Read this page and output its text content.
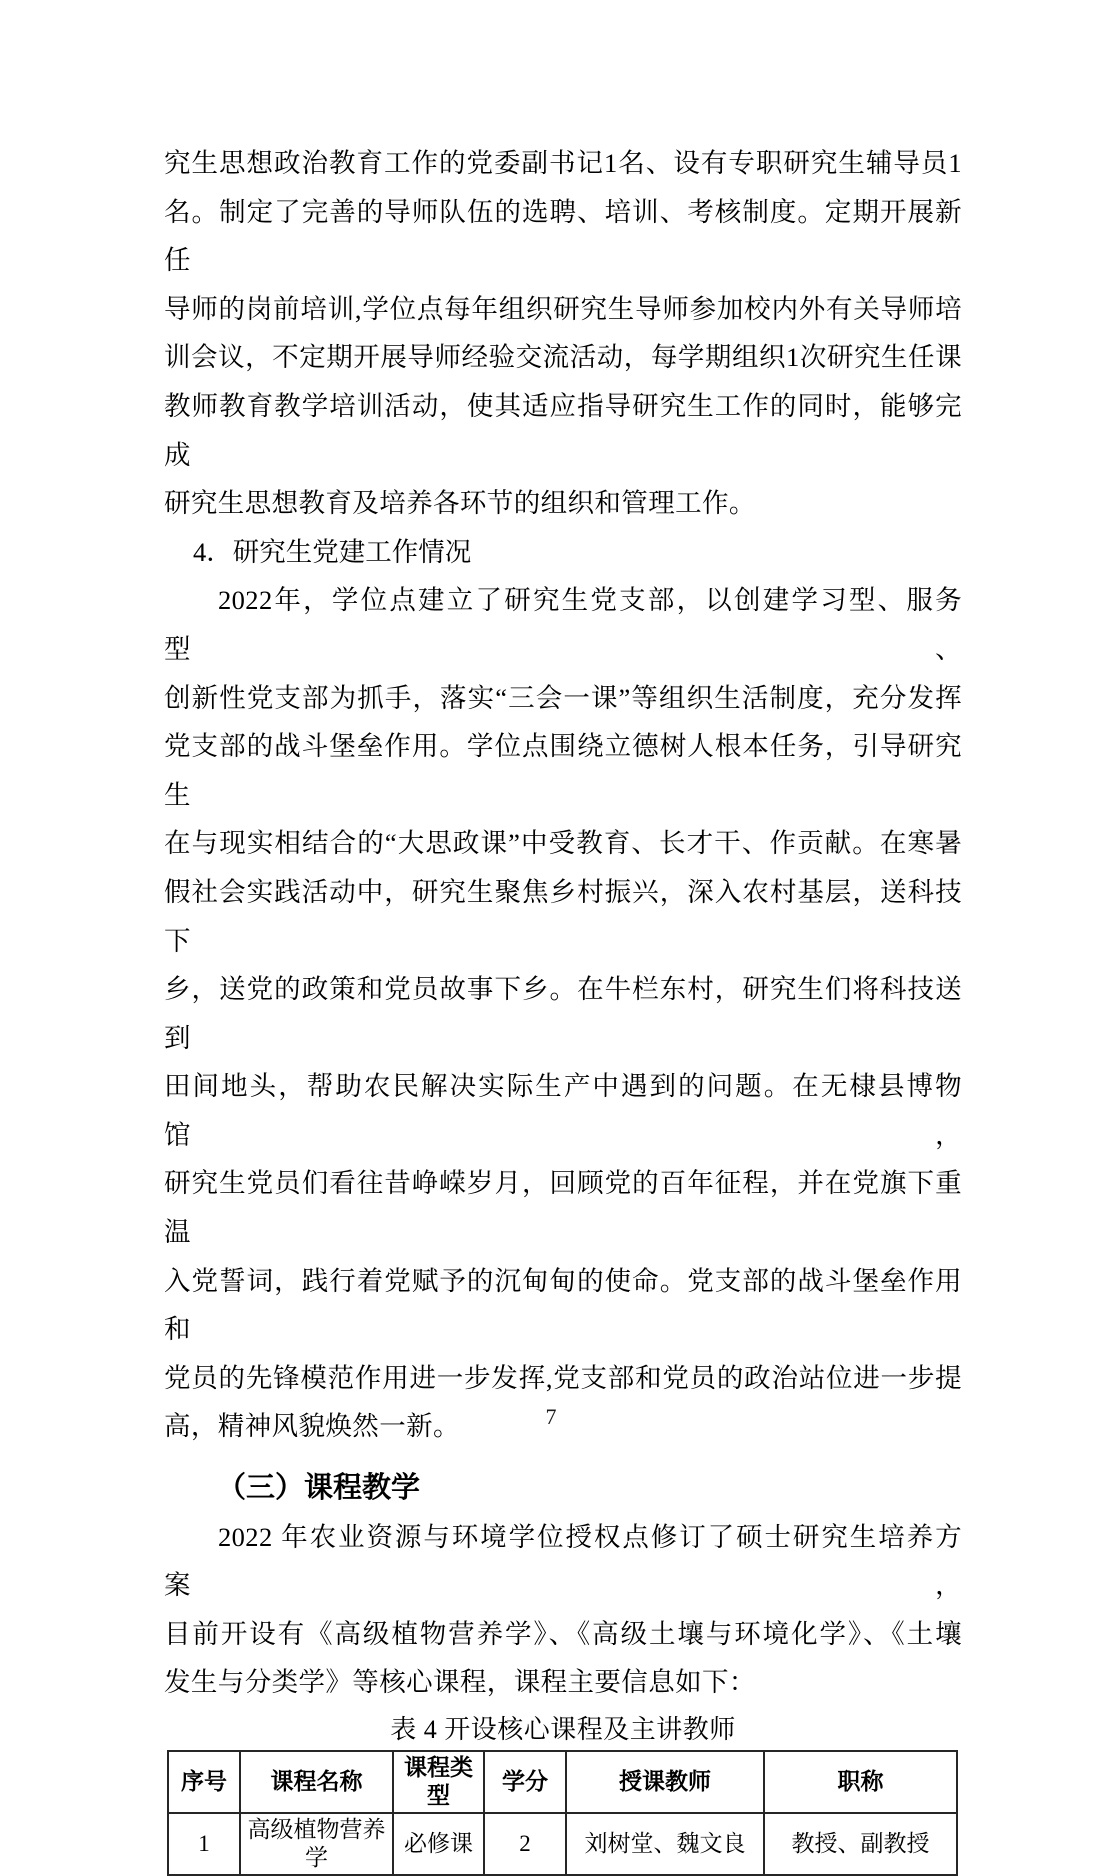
究生思想政治教育工作的党委副书记1名、设有专职研究生辅导员1
名。制定了完善的导师队伍的选聘、培训、考核制度。定期开展新任
导师的岗前培训,学位点每年组织研究生导师参加校内外有关导师培
训会议，不定期开展导师经验交流活动，每学期组织1次研究生任课
教师教育教学培训活动，使其适应指导研究生工作的同时，能够完成
研究生思想教育及培养各环节的组织和管理工作。
4．研究生党建工作情况
2022年，学位点建立了研究生党支部，以创建学习型、服务型、
创新性党支部为抓手，落实“三会一课”等组织生活制度，充分发挥
党支部的战斗堡垒作用。学位点围绕立德树人根本任务，引导研究生
在与现实相结合的“大思政课”中受教育、长才干、作贡献。在寒暑
假社会实践活动中，研究生聚焦乡村振兴，深入农村基层，送科技下
乡，送党的政策和党员故事下乡。在牛栏东村，研究生们将科技送到
田间地头，帮助农民解决实际生产中遇到的问题。在无棣县博物馆，
研究生党员们看往昔峥嵘岁月，回顾党的百年征程，并在党旗下重温
入党誓词，践行着党赋予的沉甸甸的使命。党支部的战斗堡垒作用和
党员的先锋模范作用进一步发挥,党支部和党员的政治站位进一步提
高，精神风貌焕然一新。
（三）课程教学
2022 年农业资源与环境学位授权点修订了硕士研究生培养方案，
目前开设有《高级植物营养学》、《高级土壤与环境化学》、《土壤
发生与分类学》等核心课程，课程主要信息如下：
表 4 开设核心课程及主讲教师
序号	课程名称	课程类型	学分	授课教师	职称
1	高级植物营养学	必修课	2	刘树堂、魏文良	教授、副教授
7
